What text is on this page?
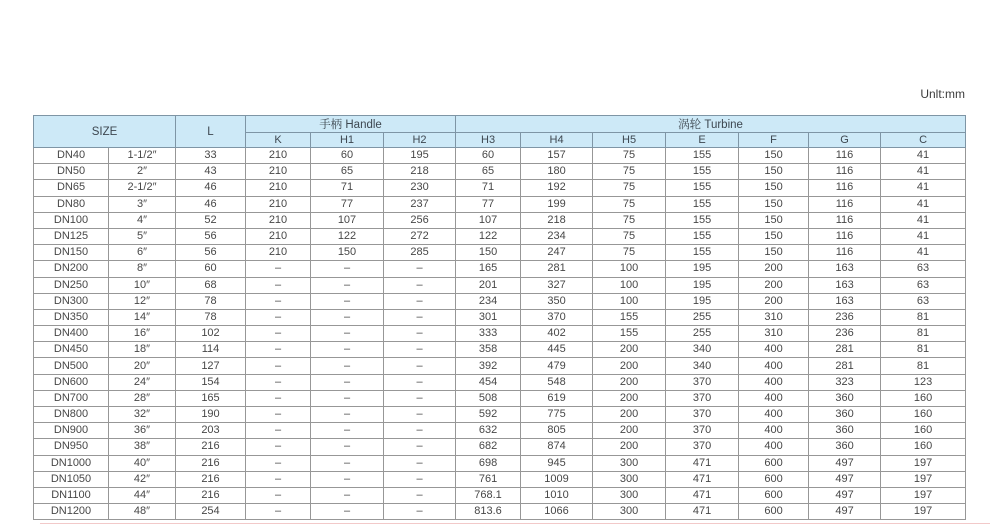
Unlt:mm
SIZE		L	手柄 Handle			涡轮 Turbine						
			K	H1	H2	H3	H4	H5	E	F	G	C
DN40	1-1/2″	33	210	60	195	60	157	75	155	150	116	41
DN50	2″	43	210	65	218	65	180	75	155	150	116	41
DN65	2-1/2″	46	210	71	230	71	192	75	155	150	116	41
DN80	3″	46	210	77	237	77	199	75	155	150	116	41
DN100	4″	52	210	107	256	107	218	75	155	150	116	41
DN125	5″	56	210	122	272	122	234	75	155	150	116	41
DN150	6″	56	210	150	285	150	247	75	155	150	116	41
DN200	8″	60	–	–	–	165	281	100	195	200	163	63
DN250	10″	68	–	–	–	201	327	100	195	200	163	63
DN300	12″	78	–	–	–	234	350	100	195	200	163	63
DN350	14″	78	–	–	–	301	370	155	255	310	236	81
DN400	16″	102	–	–	–	333	402	155	255	310	236	81
DN450	18″	114	–	–	–	358	445	200	340	400	281	81
DN500	20″	127	–	–	–	392	479	200	340	400	281	81
DN600	24″	154	–	–	–	454	548	200	370	400	323	123
DN700	28″	165	–	–	–	508	619	200	370	400	360	160
DN800	32″	190	–	–	–	592	775	200	370	400	360	160
DN900	36″	203	–	–	–	632	805	200	370	400	360	160
DN950	38″	216	–	–	–	682	874	200	370	400	360	160
DN1000	40″	216	–	–	–	698	945	300	471	600	497	197
DN1050	42″	216	–	–	–	761	1009	300	471	600	497	197
DN1100	44″	216	–	–	–	768.1	1010	300	471	600	497	197
DN1200	48″	254	–	–	–	813.6	1066	300	471	600	497	197
